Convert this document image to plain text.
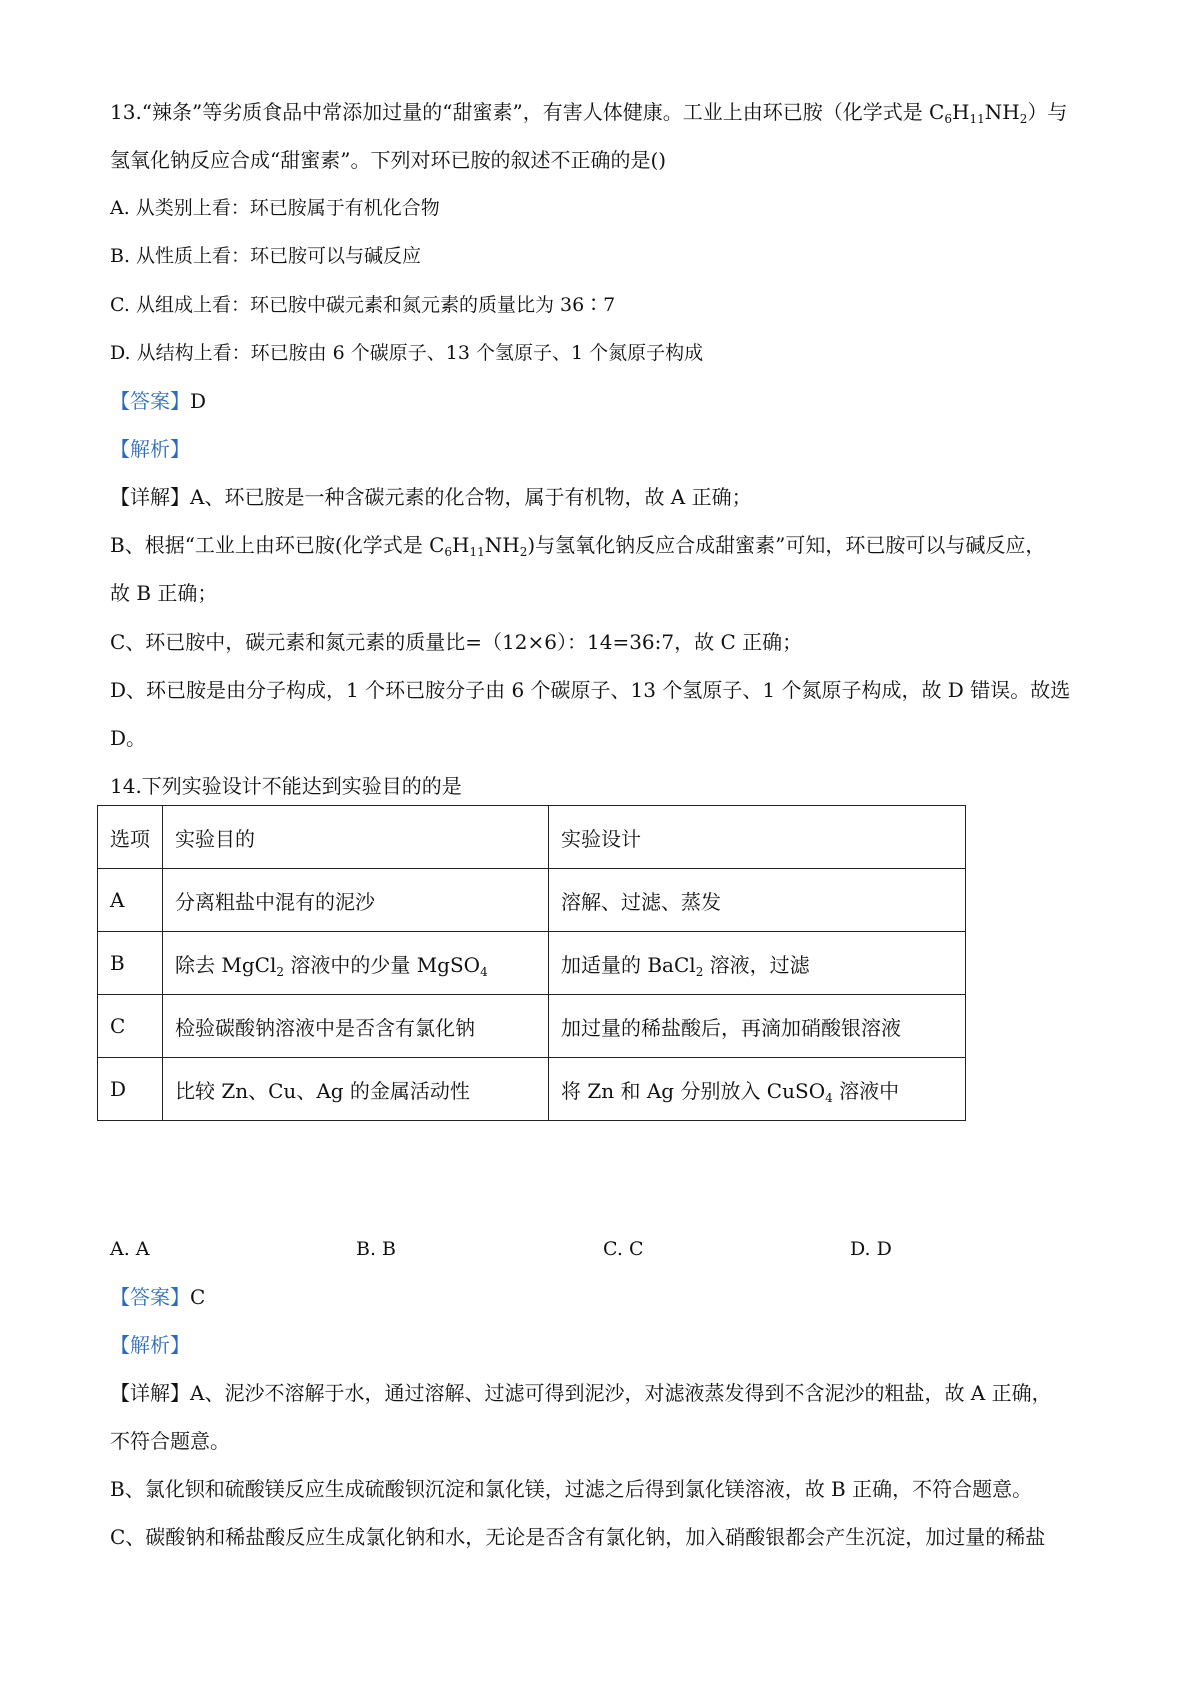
13.“辣条”等劣质食品中常添加过量的“甜蜜素”，有害人体健康。工业上由环已胺（化学式是 $C_6H_{11}NH_2$）与
氢氧化钠反应合成“甜蜜素”。下列对环已胺的叙述不正确的是()
A. 从类别上看：环已胺属于有机化合物
B. 从性质上看：环已胺可以与碱反应
C. 从组成上看：环已胺中碳元素和氮元素的质量比为 36∶7
D. 从结构上看：环已胺由 6 个碳原子、13 个氢原子、1 个氮原子构成
【答案】D
【解析】
【详解】A、环已胺是一种含碳元素的化合物，属于有机物，故 A 正确；
B、根据“工业上由环已胺(化学式是 $C_6H_{11}NH_2$)与氢氧化钠反应合成甜蜜素”可知，环已胺可以与碱反应，
故 B 正确；
C、环已胺中，碳元素和氮元素的质量比=（12×6）：14=36:7，故 C 正确；
D、环已胺是由分子构成，1 个环已胺分子由 6 个碳原子、13 个氢原子、1 个氮原子构成，故 D 错误。故选
D。
14.下列实验设计不能达到实验目的的是
选项	实验目的	实验设计
A	分离粗盐中混有的泥沙	溶解、过滤、蒸发
B	除去 MgCl$_2$ 溶液中的少量 MgSO$_4$	加适量的 BaCl$_2$ 溶液，过滤
C	检验碳酸钠溶液中是否含有氯化钠	加过量的稀盐酸后，再滴加硝酸银溶液
D	比较 Zn、Cu、Ag 的金属活动性	将 Zn 和 Ag 分别放入 CuSO$_4$ 溶液中
A. A	B. B	C. C	D. D
【答案】C
【解析】
【详解】A、泥沙不溶解于水，通过溶解、过滤可得到泥沙，对滤液蒸发得到不含泥沙的粗盐，故 A 正确，
不符合题意。
B、氯化钡和硫酸镁反应生成硫酸钡沉淀和氯化镁，过滤之后得到氯化镁溶液，故 B 正确，不符合题意。
C、碳酸钠和稀盐酸反应生成氯化钠和水，无论是否含有氯化钠，加入硝酸银都会产生沉淀，加过量的稀盐
